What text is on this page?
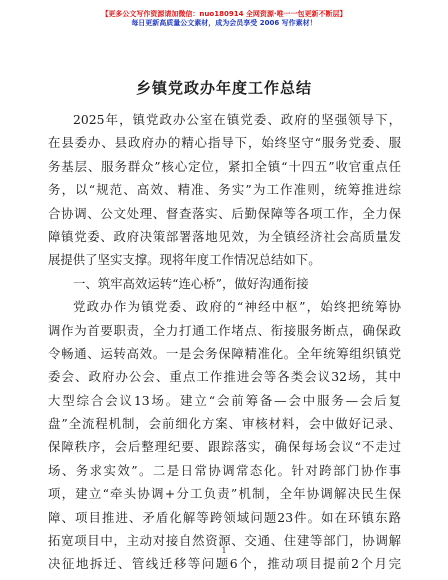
【更多公文写作资源请加微信：nuo180914 全网资源·唯一一包更新不断层】
每日更新高质量公文素材，成为会员享受 2006 写作素材！
乡镇党政办年度工作总结
2025年，镇党政办公室在镇党委、政府的坚强领导下，
在县委办、县政府办的精心指导下，始终坚守“服务党委、服
务基层、服务群众”核心定位，紧扣全镇“十四五”收官重点任
务，以“规范、高效、精准、务实”为工作准则，统筹推进综
合协调、公文处理、督查落实、后勤保障等各项工作，全力保
障镇党委、政府决策部署落地见效，为全镇经济社会高质量发
展提供了坚实支撑。现将年度工作情况总结如下。
一、筑牢高效运转“连心桥”，做好沟通衔接
党政办作为镇党委、政府的“神经中枢”，始终把统筹协
调作为首要职责，全力打通工作堵点、衔接服务断点，确保政
令畅通、运转高效。一是会务保障精准化。全年统筹组织镇党
委会、政府办公会、重点工作推进会等各类会议32场，其中
大型综合会议13场。建立“会前筹备—会中服务—会后复
盘”全流程机制，会前细化方案、审核材料，会中做好记录、
保障秩序，会后整理纪要、跟踪落实，确保每场会议“不走过
场、务求实效”。二是日常协调常态化。针对跨部门协作事
项，建立“牵头协调+分工负责”机制，全年协调解决民生保
障、项目推进、矛盾化解等跨领域问题23件。如在环镇东路
拓宽项目中，主动对接自然资源、交通、住建等部门，协调解
决征地拆迁、管线迁移等问题6个，推动项目提前2个月完
1
